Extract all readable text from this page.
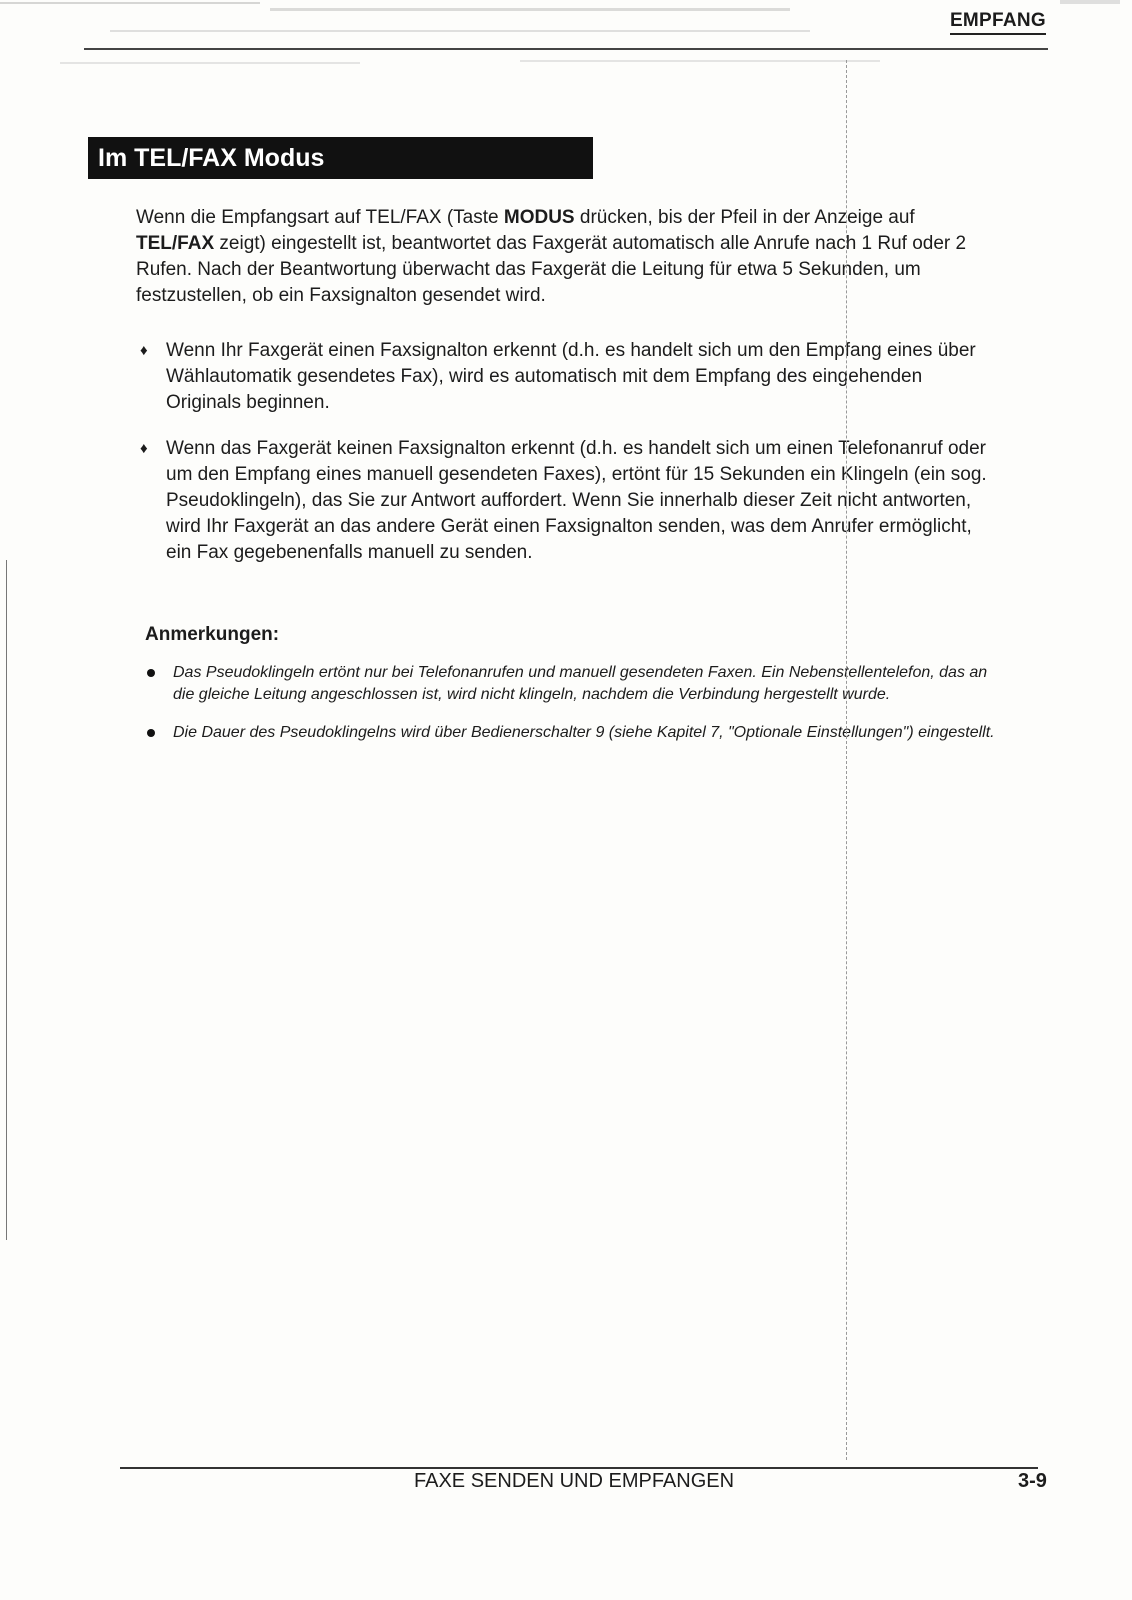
EMPFANG
Im TEL/FAX Modus

Wenn die Empfangsart auf TEL/FAX (Taste MODUS drücken, bis der Pfeil in der Anzeige auf TEL/FAX zeigt) eingestellt ist, beantwortet das Faxgerät automatisch alle Anrufe nach 1 Ruf oder 2 Rufen. Nach der Beantwortung überwacht das Faxgerät die Leitung für etwa 5 Sekunden, um festzustellen, ob ein Faxsignalton gesendet wird.

♦ Wenn Ihr Faxgerät einen Faxsignalton erkennt (d.h. es handelt sich um den Empfang eines über Wählautomatik gesendetes Fax), wird es automatisch mit dem Empfang des eingehenden Originals beginnen.
♦ Wenn das Faxgerät keinen Faxsignalton erkennt (d.h. es handelt sich um einen Telefonanruf oder um den Empfang eines manuell gesendeten Faxes), ertönt für 15 Sekunden ein Klingeln (ein sog. Pseudoklingeln), das Sie zur Antwort auffordert. Wenn Sie innerhalb dieser Zeit nicht antworten, wird Ihr Faxgerät an das andere Gerät einen Faxsignalton senden, was dem Anrufer ermöglicht, ein Fax gegebenenfalls manuell zu senden.
Anmerkungen:
Das Pseudoklingeln ertönt nur bei Telefonanrufen und manuell gesendeten Faxen. Ein Nebenstellentelefon, das an die gleiche Leitung angeschlossen ist, wird nicht klingeln, nachdem die Verbindung hergestellt wurde.
Die Dauer des Pseudoklingelns wird über Bedienerschalter 9 (siehe Kapitel 7, "Optionale Einstellungen") eingestellt.
FAXE SENDEN UND EMPFANGEN	3-9
